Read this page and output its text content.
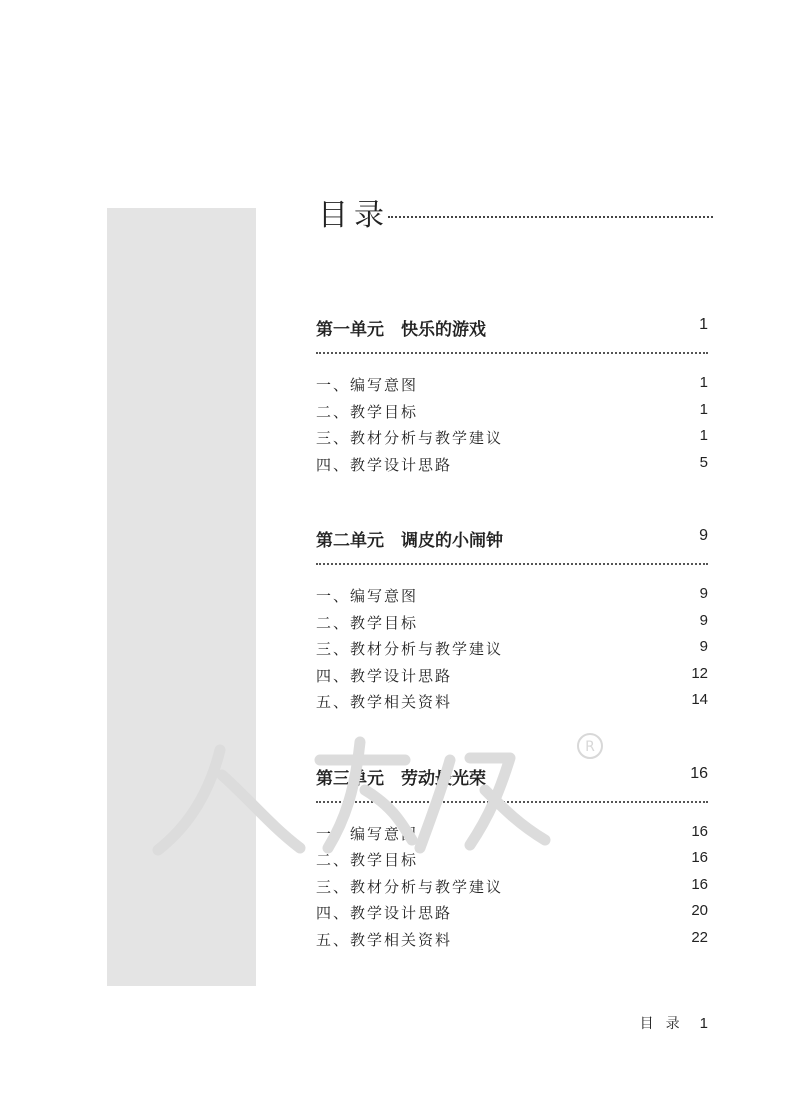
目录
第一单元 快乐的游戏	1
一、编写意图	1
二、教学目标	1
三、教材分析与教学建议	1
四、教学设计思路	5
第二单元 调皮的小闹钟	9
一、编写意图	9
二、教学目标	9
三、教材分析与教学建议	9
四、教学设计思路	12
五、教学相关资料	14
第三单元 劳动最光荣	16
一、编写意图	16
二、教学目标	16
三、教材分析与教学建议	16
四、教学设计思路	20
五、教学相关资料	22
R
目录 1
